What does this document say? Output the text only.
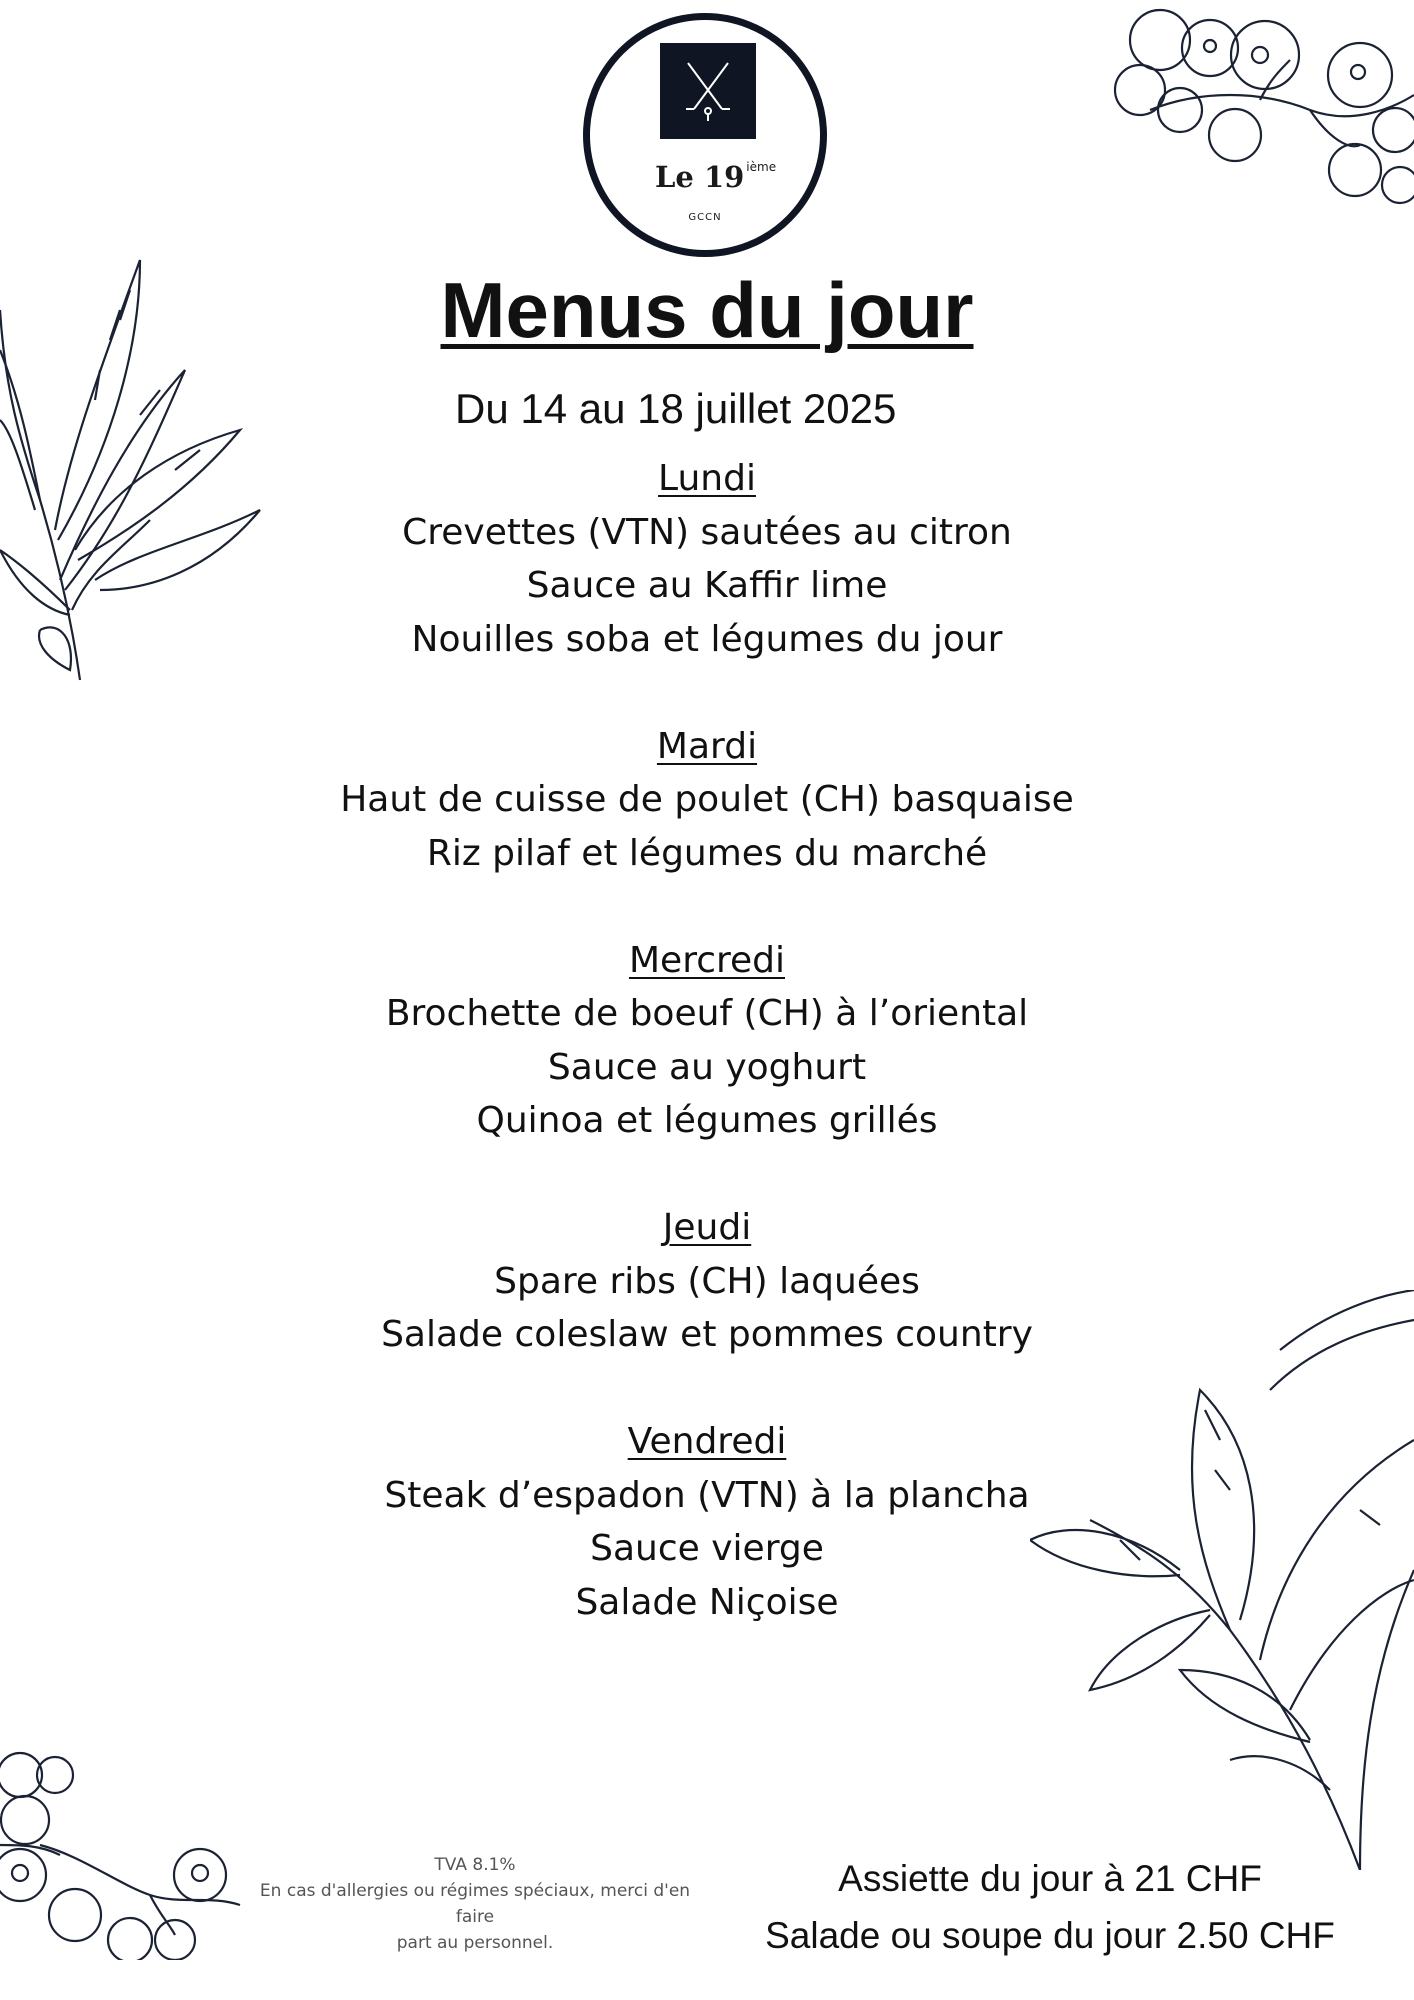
Le 19 $^{ième}$
GCCN
Menus du jour
Du 14 au 18 juillet 2025
Lundi
Crevettes (VTN) sautées au citron
Sauce au Kaffir lime
Nouilles soba et légumes du jour
Mardi
Haut de cuisse de poulet (CH) basquaise
Riz pilaf et légumes du marché
Mercredi
Brochette de boeuf (CH) à l’oriental
Sauce au yoghurt
Quinoa et légumes grillés
Jeudi
Spare ribs (CH) laquées
Salade coleslaw et pommes country
Vendredi
Steak d’espadon (VTN) à la plancha
Sauce vierge
Salade Niçoise
TVA 8.1%
En cas d'allergies ou régimes spéciaux, merci d'en faire
part au personnel.
Assiette du jour à 21 CHF
Salade ou soupe du jour 2.50 CHF
